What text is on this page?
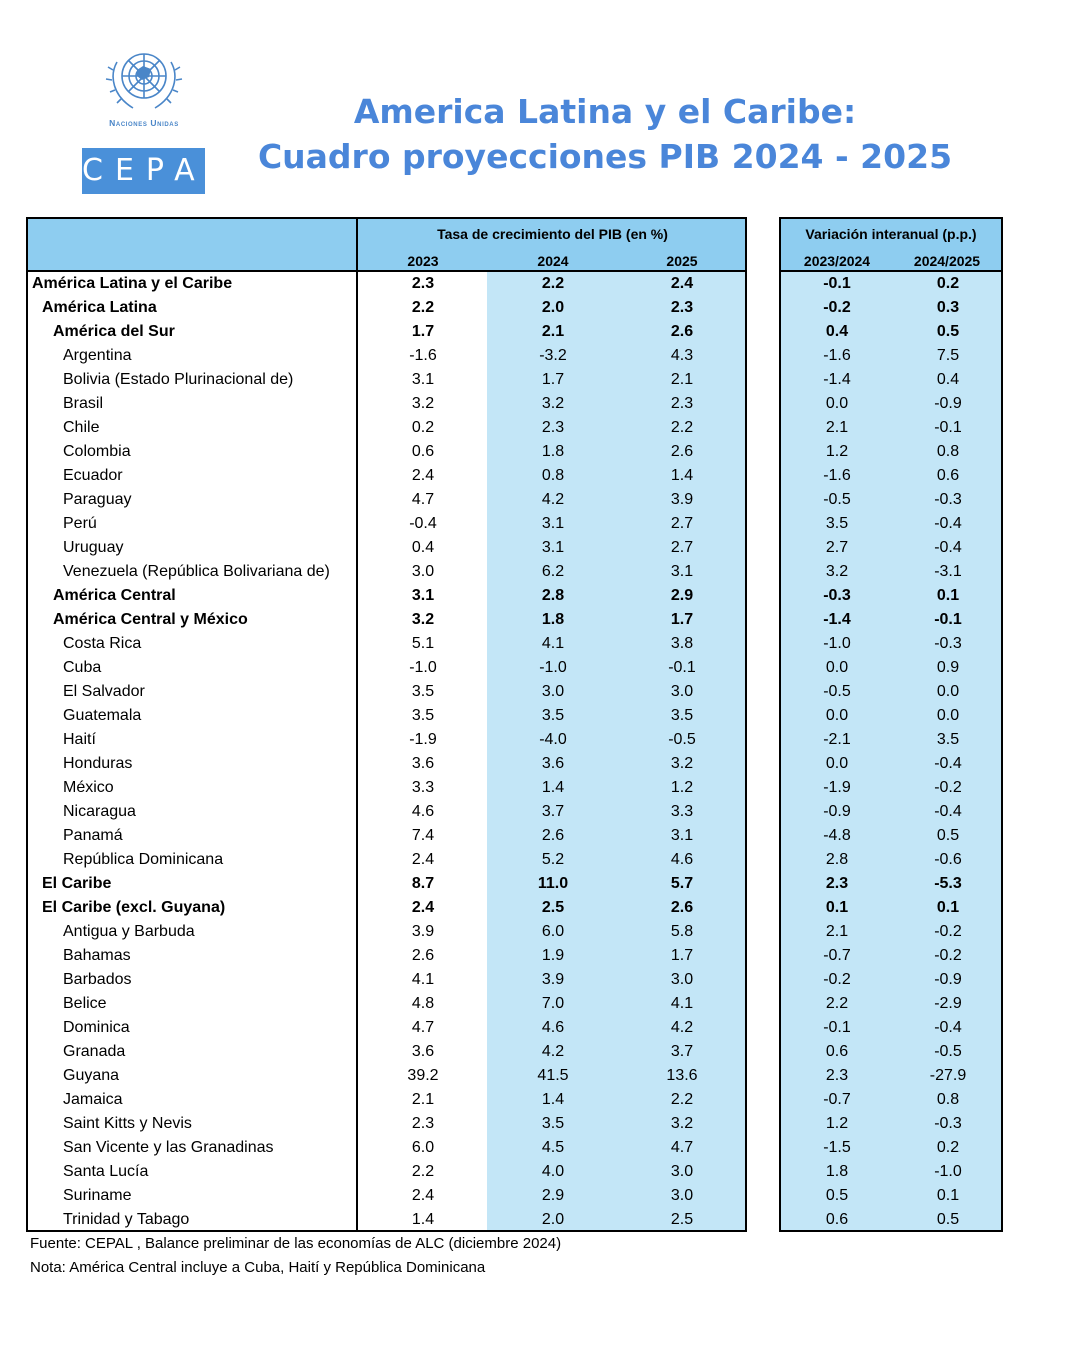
Naciones Unidas
CEPAL
America Latina y el Caribe:
Cuadro proyecciones PIB 2024 - 2025
Tasa de crecimiento del PIB (en %)
2023	2024	2025
Variación interanual (p.p.)
2023/2024	2024/2025
América Latina y el Caribe	2.3	2.2	2.4	-0.1	0.2
América Latina	2.2	2.0	2.3	-0.2	0.3
América del Sur	1.7	2.1	2.6	0.4	0.5
Argentina	-1.6	-3.2	4.3	-1.6	7.5
Bolivia (Estado Plurinacional de)	3.1	1.7	2.1	-1.4	0.4
Brasil	3.2	3.2	2.3	0.0	-0.9
Chile	0.2	2.3	2.2	2.1	-0.1
Colombia	0.6	1.8	2.6	1.2	0.8
Ecuador	2.4	0.8	1.4	-1.6	0.6
Paraguay	4.7	4.2	3.9	-0.5	-0.3
Perú	-0.4	3.1	2.7	3.5	-0.4
Uruguay	0.4	3.1	2.7	2.7	-0.4
Venezuela (República Bolivariana de)	3.0	6.2	3.1	3.2	-3.1
América Central	3.1	2.8	2.9	-0.3	0.1
América Central y México	3.2	1.8	1.7	-1.4	-0.1
Costa Rica	5.1	4.1	3.8	-1.0	-0.3
Cuba	-1.0	-1.0	-0.1	0.0	0.9
El Salvador	3.5	3.0	3.0	-0.5	0.0
Guatemala	3.5	3.5	3.5	0.0	0.0
Haití	-1.9	-4.0	-0.5	-2.1	3.5
Honduras	3.6	3.6	3.2	0.0	-0.4
México	3.3	1.4	1.2	-1.9	-0.2
Nicaragua	4.6	3.7	3.3	-0.9	-0.4
Panamá	7.4	2.6	3.1	-4.8	0.5
República Dominicana	2.4	5.2	4.6	2.8	-0.6
El Caribe	8.7	11.0	5.7	2.3	-5.3
El Caribe (excl. Guyana)	2.4	2.5	2.6	0.1	0.1
Antigua y Barbuda	3.9	6.0	5.8	2.1	-0.2
Bahamas	2.6	1.9	1.7	-0.7	-0.2
Barbados	4.1	3.9	3.0	-0.2	-0.9
Belice	4.8	7.0	4.1	2.2	-2.9
Dominica	4.7	4.6	4.2	-0.1	-0.4
Granada	3.6	4.2	3.7	0.6	-0.5
Guyana	39.2	41.5	13.6	2.3	-27.9
Jamaica	2.1	1.4	2.2	-0.7	0.8
Saint Kitts y Nevis	2.3	3.5	3.2	1.2	-0.3
San Vicente y las Granadinas	6.0	4.5	4.7	-1.5	0.2
Santa Lucía	2.2	4.0	3.0	1.8	-1.0
Suriname	2.4	2.9	3.0	0.5	0.1
Trinidad y Tabago	1.4	2.0	2.5	0.6	0.5
Fuente: CEPAL , Balance preliminar de las economías de ALC (diciembre 2024)
Nota: América Central incluye a Cuba, Haití y República Dominicana
